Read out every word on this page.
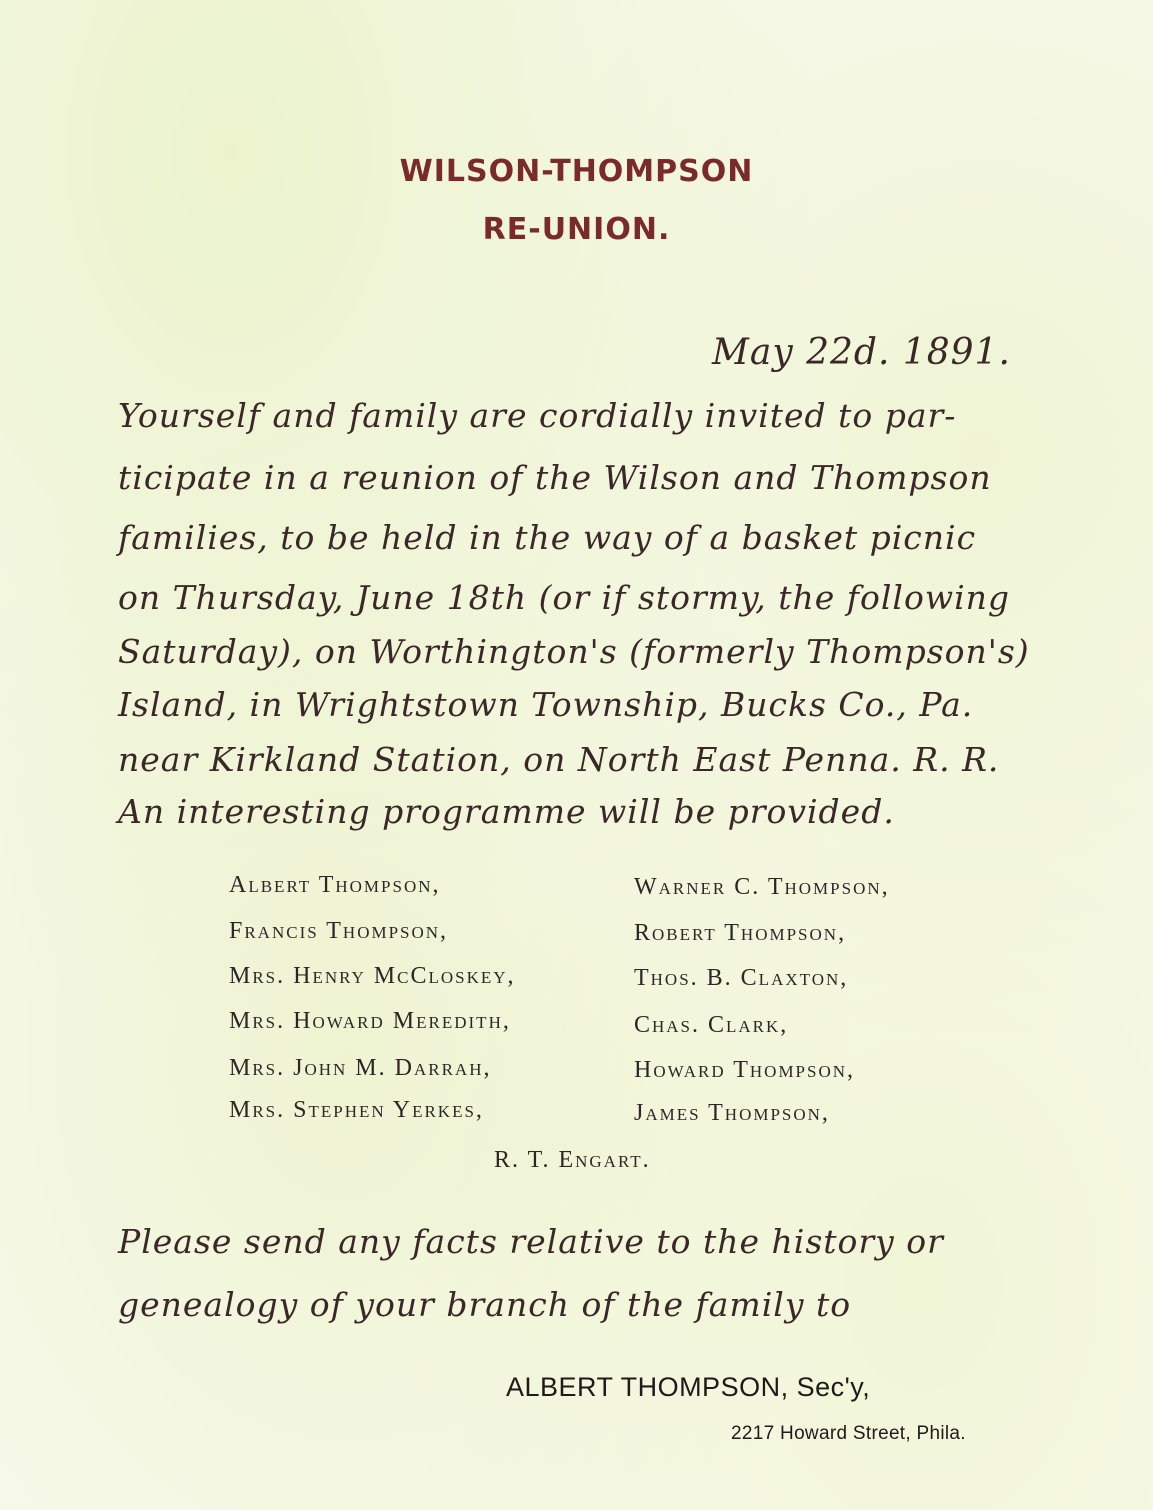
WILSON-THOMPSON
RE-UNION.
May 22d. 1891.
Yourself and family are cordially invited to par-
ticipate in a reunion of the Wilson and Thompson
families, to be held in the way of a basket picnic
on Thursday, June 18th (or if stormy, the following
Saturday), on Worthington's (formerly Thompson's)
Island, in Wrightstown Township, Bucks Co., Pa.
near Kirkland Station, on North East Penna. R. R.
An interesting programme will be provided.
Albert Thompson,
Francis Thompson,
Mrs. Henry McCloskey,
Mrs. Howard Meredith,
Mrs. John M. Darrah,
Mrs. Stephen Yerkes,
Warner C. Thompson,
Robert Thompson,
Thos. B. Claxton,
Chas. Clark,
Howard Thompson,
James Thompson,
R. T. Engart.
Please send any facts relative to the history or
genealogy of your branch of the family to
ALBERT THOMPSON, Sec'y,
2217 Howard Street, Phila.
